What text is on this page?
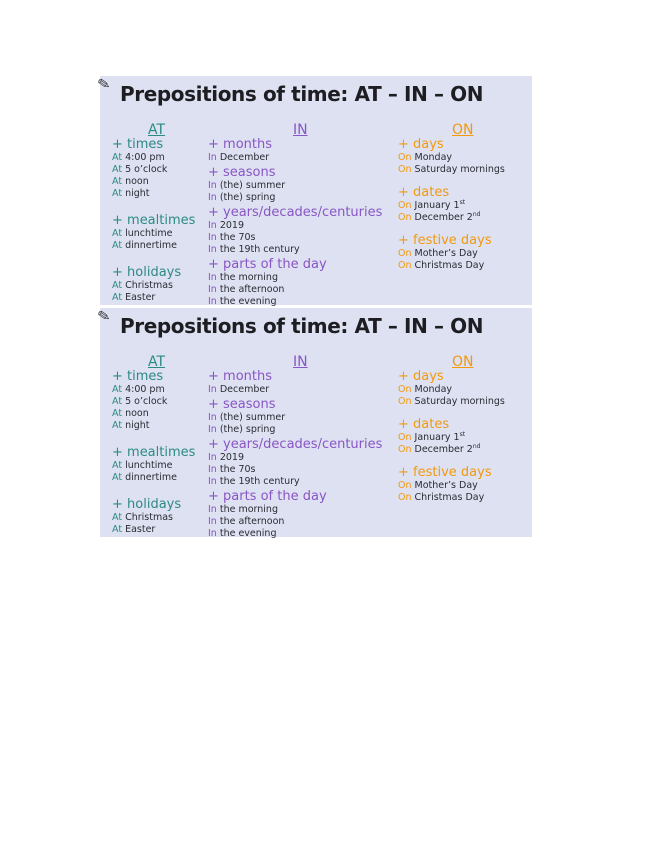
✎ Prepositions of time: AT – IN – ON
AT
+ times
At 4:00 pm
At 5 o’clock
At noon
At night
+ mealtimes
At lunchtime
At dinnertime
+ holidays
At Christmas
At Easter
IN
+ months
In December
+ seasons
In (the) summer
In (the) spring
+ years/decades/centuries
In 2019
In the 70s
In the 19th century
+ parts of the day
In the morning
In the afternoon
In the evening
ON
+ days
On Monday
On Saturday mornings
+ dates
On January 1st
On December 2nd
+ festive days
On Mother’s Day
On Christmas Day
✎ Prepositions of time: AT – IN – ON
AT
+ times
At 4:00 pm
At 5 o’clock
At noon
At night
+ mealtimes
At lunchtime
At dinnertime
+ holidays
At Christmas
At Easter
IN
+ months
In December
+ seasons
In (the) summer
In (the) spring
+ years/decades/centuries
In 2019
In the 70s
In the 19th century
+ parts of the day
In the morning
In the afternoon
In the evening
ON
+ days
On Monday
On Saturday mornings
+ dates
On January 1st
On December 2nd
+ festive days
On Mother’s Day
On Christmas Day
